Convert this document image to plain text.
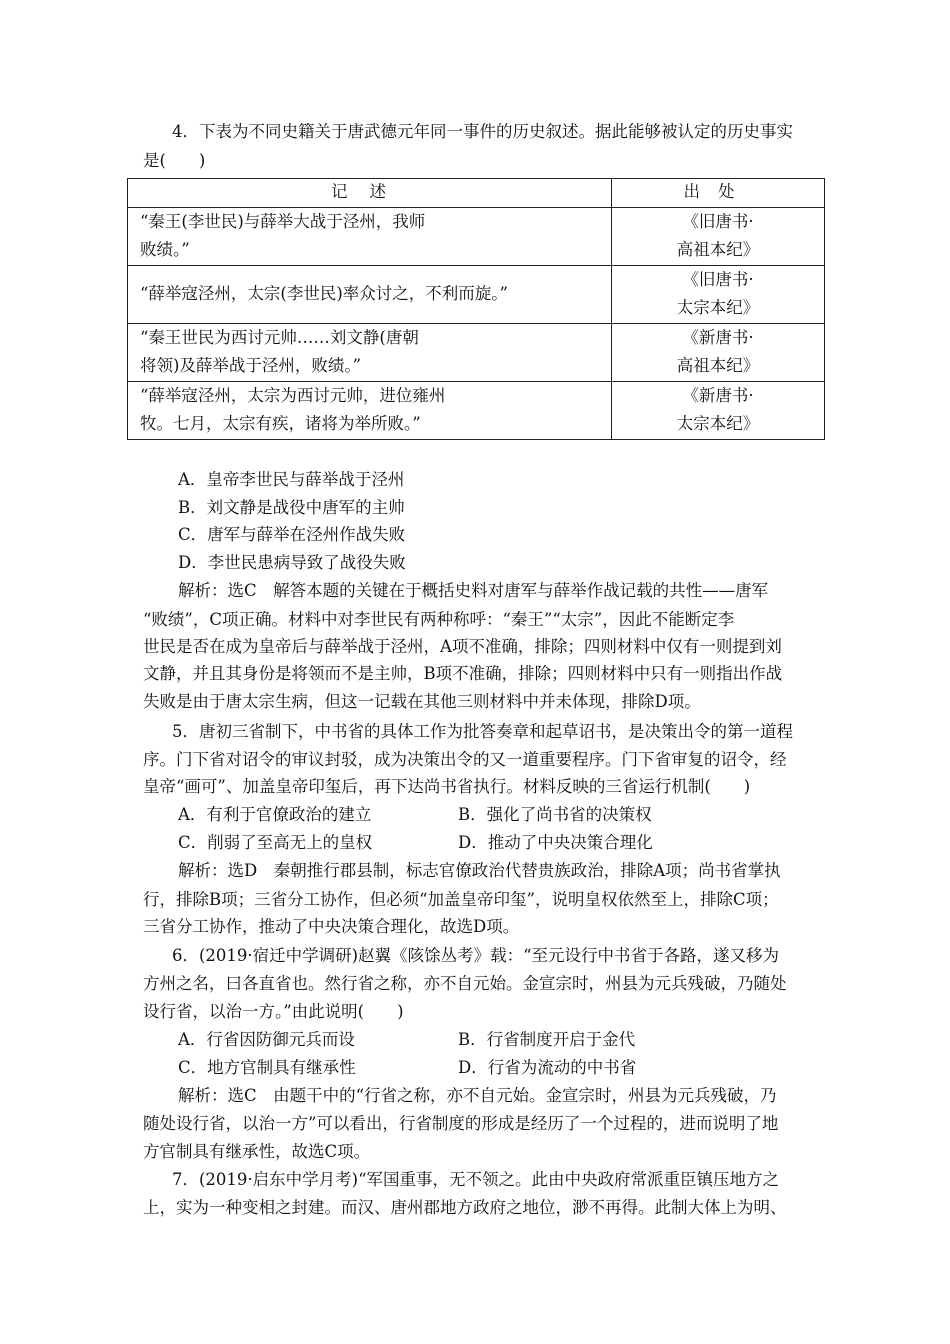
4．下表为不同史籍关于唐武德元年同一事件的历史叙述。据此能够被认定的历史事实
是(　　)
记述	出处

“秦王(李世民)与薛举大战于泾州，我师
败绩。”	《旧唐书·
高祖本纪》

“薛举寇泾州，太宗(李世民)率众讨之，不利而旋。”	《旧唐书·
太宗本纪》

“秦王世民为西讨元帅……刘文静(唐朝
将领)及薛举战于泾州，败绩。”	《新唐书·
高祖本纪》

“薛举寇泾州，太宗为西讨元帅，进位雍州
牧。七月，太宗有疾，诸将为举所败。”	《新唐书·
太宗本纪》
A．皇帝李世民与薛举战于泾州
B．刘文静是战役中唐军的主帅
C．唐军与薛举在泾州作战失败
D．李世民患病导致了战役失败
解析：选C　解答本题的关键在于概括史料对唐军与薛举作战记载的共性——唐军
“败绩”，C项正确。材料中对李世民有两种称呼：“秦王”“太宗”，因此不能断定李
世民是否在成为皇帝后与薛举战于泾州，A项不准确，排除；四则材料中仅有一则提到刘
文静，并且其身份是将领而不是主帅，B项不准确，排除；四则材料中只有一则指出作战
失败是由于唐太宗生病，但这一记载在其他三则材料中并未体现，排除D项。
5．唐初三省制下，中书省的具体工作为批答奏章和起草诏书，是决策出令的第一道程
序。门下省对诏令的审议封驳，成为决策出令的又一道重要程序。门下省审复的诏令，经
皇帝“画可”、加盖皇帝印玺后，再下达尚书省执行。材料反映的三省运行机制(　　)
A．有利于官僚政治的建立	B．强化了尚书省的决策权
C．削弱了至高无上的皇权	D．推动了中央决策合理化
解析：选D　秦朝推行郡县制，标志官僚政治代替贵族政治，排除A项；尚书省掌执
行，排除B项；三省分工协作，但必须“加盖皇帝印玺”，说明皇权依然至上，排除C项；
三省分工协作，推动了中央决策合理化，故选D项。
6．(2019·宿迁中学调研)赵翼《陔馀丛考》载：“至元设行中书省于各路，遂又移为
方州之名，曰各直省也。然行省之称，亦不自元始。金宣宗时，州县为元兵残破，乃随处
设行省，以治一方。”由此说明(　　)
A．行省因防御元兵而设	B．行省制度开启于金代
C．地方官制具有继承性	D．行省为流动的中书省
解析：选C　由题干中的“行省之称，亦不自元始。金宣宗时，州县为元兵残破，乃
随处设行省，以治一方”可以看出，行省制度的形成是经历了一个过程的，进而说明了地
方官制具有继承性，故选C项。
7．(2019·启东中学月考)“军国重事，无不领之。此由中央政府常派重臣镇压地方之
上，实为一种变相之封建。而汉、唐州郡地方政府之地位，渺不再得。此制大体上为明、
